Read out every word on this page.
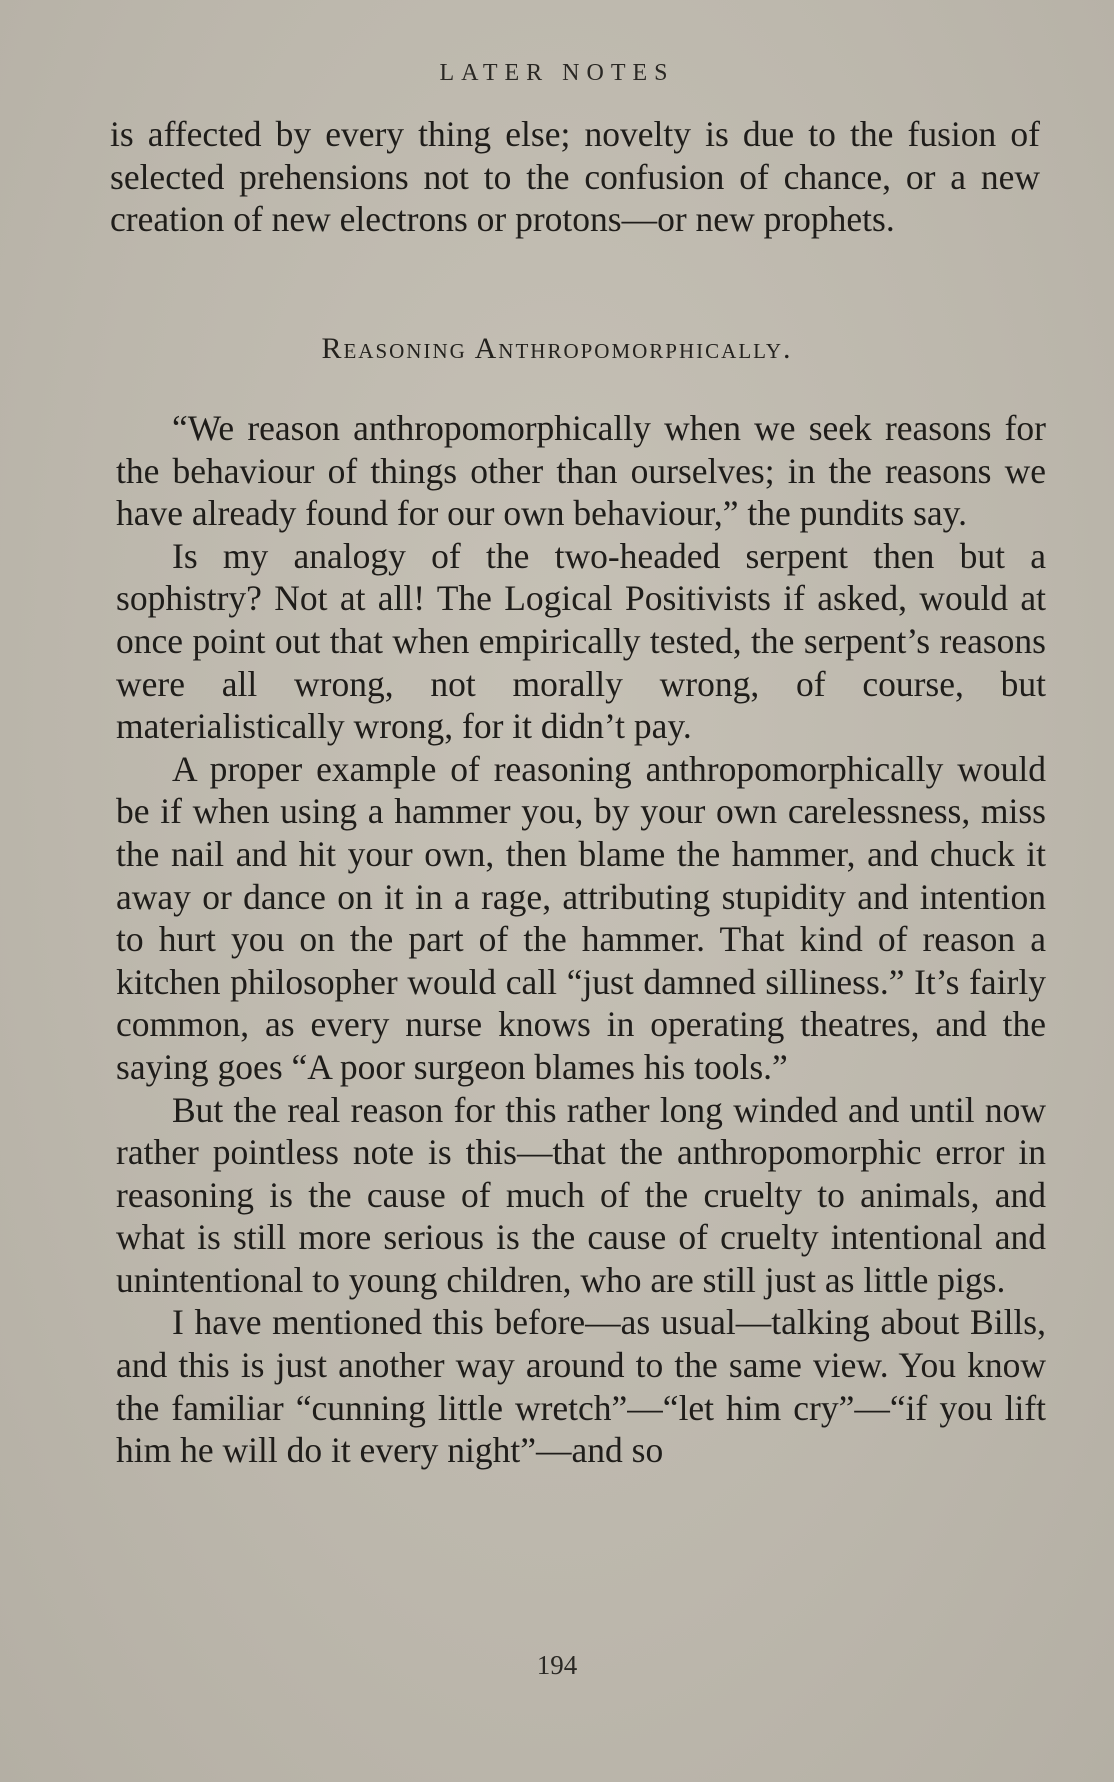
LATER NOTES
is affected by every thing else; novelty is due to the fusion of selected prehensions not to the confusion of chance, or a new creation of new electrons or protons—or new prophets.
Reasoning Anthropomorphically.

“We reason anthropomorphically when we seek reasons for the behaviour of things other than ourselves; in the reasons we have already found for our own behaviour,” the pundits say.

Is my analogy of the two-headed serpent then but a sophistry? Not at all! The Logical Positivists if asked, would at once point out that when empirically tested, the serpent’s reasons were all wrong, not morally wrong, of course, but materialistically wrong, for it didn’t pay.

A proper example of reasoning anthropomorphically would be if when using a hammer you, by your own carelessness, miss the nail and hit your own, then blame the hammer, and chuck it away or dance on it in a rage, attributing stupidity and intention to hurt you on the part of the hammer. That kind of reason a kitchen philosopher would call “just damned silliness.” It’s fairly common, as every nurse knows in operating theatres, and the saying goes “A poor surgeon blames his tools.”

But the real reason for this rather long winded and until now rather pointless note is this—that the anthropomorphic error in reasoning is the cause of much of the cruelty to animals, and what is still more serious is the cause of cruelty intentional and unintentional to young children, who are still just as little pigs.

I have mentioned this before—as usual—talking about Bills, and this is just another way around to the same view. You know the familiar “cunning little wretch”—“let him cry”—“if you lift him he will do it every night”—and so

194
